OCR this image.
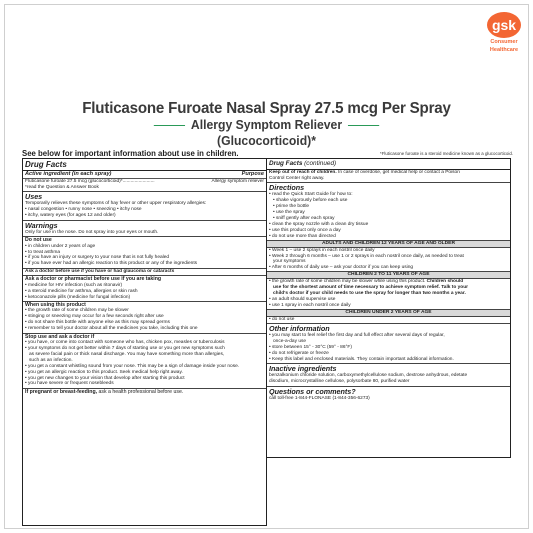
gsk
Consumer
Healthcare
Fluticasone Furoate Nasal Spray 27.5 mcg Per Spray
Allergy Symptom Reliever
(Glucocorticoid)*
See below for important information about use in children.	*Fluticasone furoate is a steroid medicine known as a glucocorticoid.
Drug Facts
Active ingredient (in each spray)	Purpose
Fluticasone furoate 27.5 mcg (glucocorticoid)*........................	Allergy symptom reliever
*read the Question & Answer Book
Uses
Temporarily relieves these symptoms of hay fever or other upper respiratory allergies:
• nasal congestion • runny nose • sneezing • itchy nose
• itchy, watery eyes (for ages 12 and older)
Warnings
Only for use in the nose. Do not spray into your eyes or mouth.
Do not use
• in children under 2 years of age
• to treat asthma
• if you have an injury or surgery to your nose that is not fully healed
• if you have ever had an allergic reaction to this product or any of the ingredients
Ask a doctor before use if you have or had glaucoma or cataracts
Ask a doctor or pharmacist before use if you are taking
• medicine for HIV infection (such as ritonavir)
• a steroid medicine for asthma, allergies or skin rash
• ketoconazole pills (medicine for fungal infection)
When using this product
• the growth rate of some children may be slower
• stinging or sneezing may occur for a few seconds right after use
• do not share this bottle with anyone else as this may spread germs
• remember to tell your doctor about all the medicines you take, including this one
Stop use and ask a doctor if
• you have, or come into contact with someone who has, chicken pox, measles or tuberculosis
• your symptoms do not get better within 7 days of starting use or you get new symptoms such
as severe facial pain or thick nasal discharge. You may have something more than allergies,
such as an infection.
• you get a constant whistling sound from your nose. This may be a sign of damage inside your nose.
• you get an allergic reaction to this product. Seek medical help right away.
• you get new changes to your vision that develop after starting this product
• you have severe or frequent nosebleeds
If pregnant or breast-feeding, ask a health professional before use.
Drug Facts (continued)
Keep out of reach of children. In case of overdose, get medical help or contact a Poison
Control Center right away.
Directions
• read the Quick Start Guide for how to:
• shake vigorously before each use
• prime the bottle
• use the spray
• sniff gently after each spray
• clean the spray nozzle with a clean dry tissue
• use this product only once a day
• do not use more than directed
ADULTS AND CHILDREN 12 YEARS OF AGE AND OLDER
• Week 1 – use 2 sprays in each nostril once daily
• Week 2 through 6 months – use 1 or 2 sprays in each nostril once daily, as needed to treat
your symptoms
• After 6 months of daily use – ask your doctor if you can keep using
CHILDREN 2 TO 11 YEARS OF AGE
• the growth rate of some children may be slower while using this product. Children should
use for the shortest amount of time necessary to achieve symptom relief. Talk to your
child's doctor if your child needs to use the spray for longer than two months a year.
• an adult should supervise use
• use 1 spray in each nostril once daily
CHILDREN UNDER 2 YEARS OF AGE
• do not use
Other information
• you may start to feel relief the first day and full effect after several days of regular,
once-a-day use
• store between 15° - 30°C (59° - 86°F)
• do not refrigerate or freeze
• Keep this label and enclosed materials. They contain important additional information.
Inactive ingredients
benzalkonium chloride solution, carboxymethylcellulose sodium, dextrose anhydrous, edetate
disodium, microcrystalline cellulose, polysorbate 80, purified water
Questions or comments?
call toll-free 1-844-FLONASE (1-844-356-6273)
